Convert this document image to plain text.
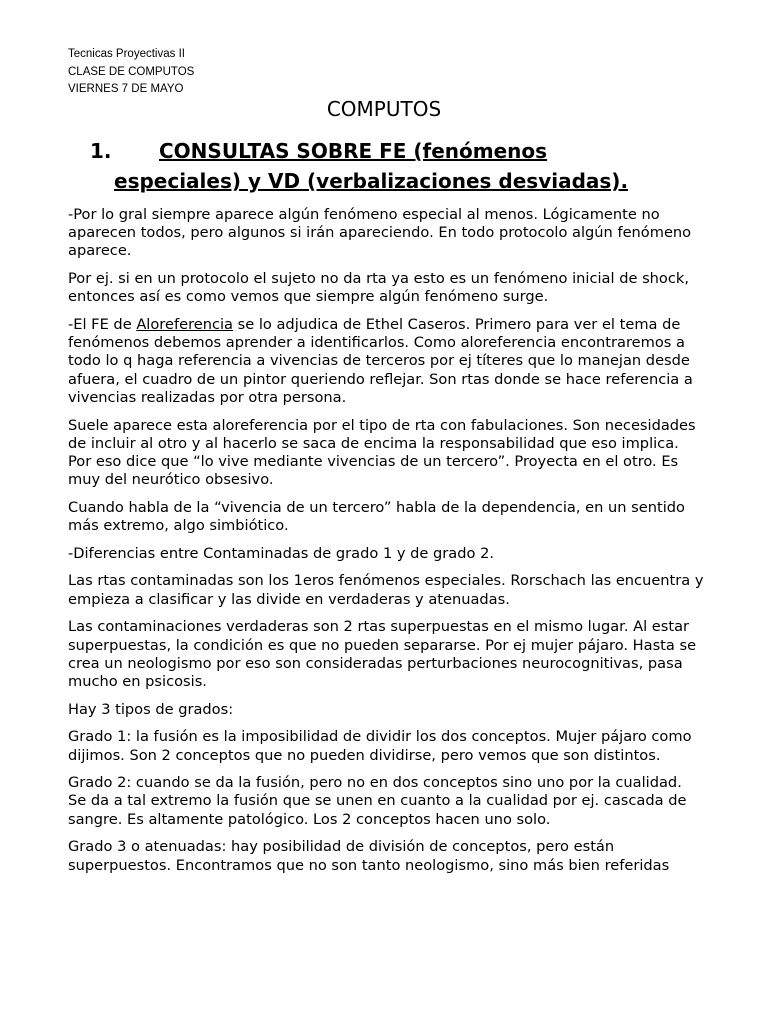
Tecnicas Proyectivas II
CLASE DE COMPUTOS
VIERNES 7 DE MAYO
COMPUTOS
1. CONSULTAS SOBRE FE (fenómenos
especiales) y VD (verbalizaciones desviadas).

-Por lo gral siempre aparece algún fenómeno especial al menos. Lógicamente no aparecen todos, pero algunos si irán apareciendo. En todo protocolo algún fenómeno aparece.

Por ej. si en un protocolo el sujeto no da rta ya esto es un fenómeno inicial de shock, entonces así es como vemos que siempre algún fenómeno surge.

-El FE de Aloreferencia se lo adjudica de Ethel Caseros. Primero para ver el tema de fenómenos debemos aprender a identificarlos. Como aloreferencia encontraremos a todo lo q haga referencia a vivencias de terceros por ej títeres que lo manejan desde afuera, el cuadro de un pintor queriendo reflejar. Son rtas donde se hace referencia a vivencias realizadas por otra persona.

Suele aparece esta aloreferencia por el tipo de rta con fabulaciones. Son necesidades de incluir al otro y al hacerlo se saca de encima la responsabilidad que eso implica. Por eso dice que “lo vive mediante vivencias de un tercero”. Proyecta en el otro. Es muy del neurótico obsesivo.

Cuando habla de la “vivencia de un tercero” habla de la dependencia, en un sentido más extremo, algo simbiótico.

-Diferencias entre Contaminadas de grado 1 y de grado 2.

Las rtas contaminadas son los 1eros fenómenos especiales. Rorschach las encuentra y empieza a clasificar y las divide en verdaderas y atenuadas.

Las contaminaciones verdaderas son 2 rtas superpuestas en el mismo lugar. Al estar superpuestas, la condición es que no pueden separarse. Por ej mujer pájaro. Hasta se crea un neologismo por eso son consideradas perturbaciones neurocognitivas, pasa mucho en psicosis.

Hay 3 tipos de grados:

Grado 1: la fusión es la imposibilidad de dividir los dos conceptos. Mujer pájaro como dijimos. Son 2 conceptos que no pueden dividirse, pero vemos que son distintos.

Grado 2: cuando se da la fusión, pero no en dos conceptos sino uno por la cualidad. Se da a tal extremo la fusión que se unen en cuanto a la cualidad por ej. cascada de sangre. Es altamente patológico. Los 2 conceptos hacen uno solo.

Grado 3 o atenuadas: hay posibilidad de división de conceptos, pero están superpuestos. Encontramos que no son tanto neologismo, sino más bien referidas
